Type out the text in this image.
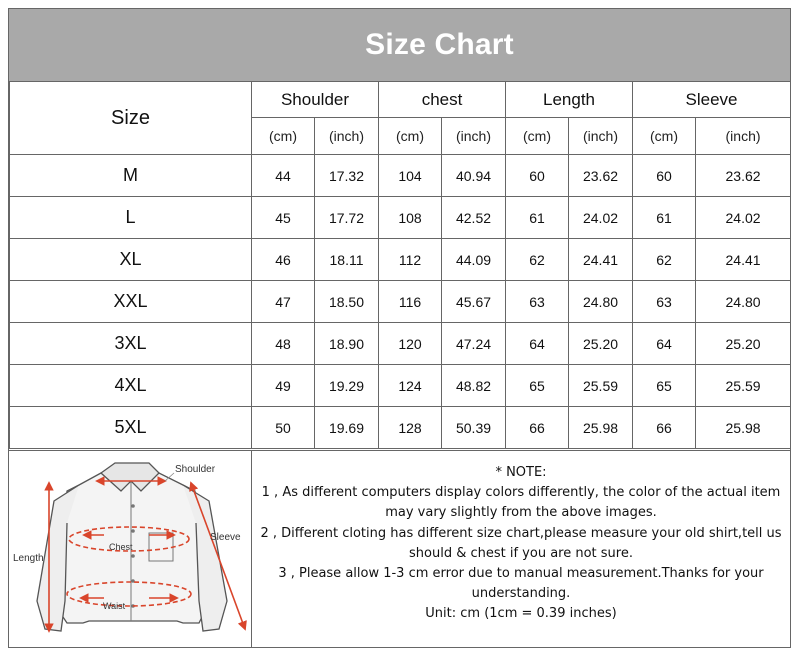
Size Chart
Size	Shoulder		chest		Length		Sleeve	
	(cm)	(inch)	(cm)	(inch)	(cm)	(inch)	(cm)	(inch)
M	44	17.32	104	40.94	60	23.62	60	23.62
L	45	17.72	108	42.52	61	24.02	61	24.02
XL	46	18.11	112	44.09	62	24.41	62	24.41
XXL	47	18.50	116	45.67	63	24.80	63	24.80
3XL	48	18.90	120	47.24	64	25.20	64	25.20
4XL	49	19.29	124	48.82	65	25.59	65	25.59
5XL	50	19.69	128	50.39	66	25.98	66	25.98
Shoulder
Sleeve
Length
Chest
Waist

* NOTE:

1 , As different computers display colors differently, the color of the actual item

may vary slightly from the above images.

2 , Different cloting has different size chart,please measure your old shirt,tell us

should & chest if you are not sure.

3 , Please allow 1-3 cm error due to manual measurement.Thanks for your

understanding.

Unit: cm (1cm = 0.39 inches)
